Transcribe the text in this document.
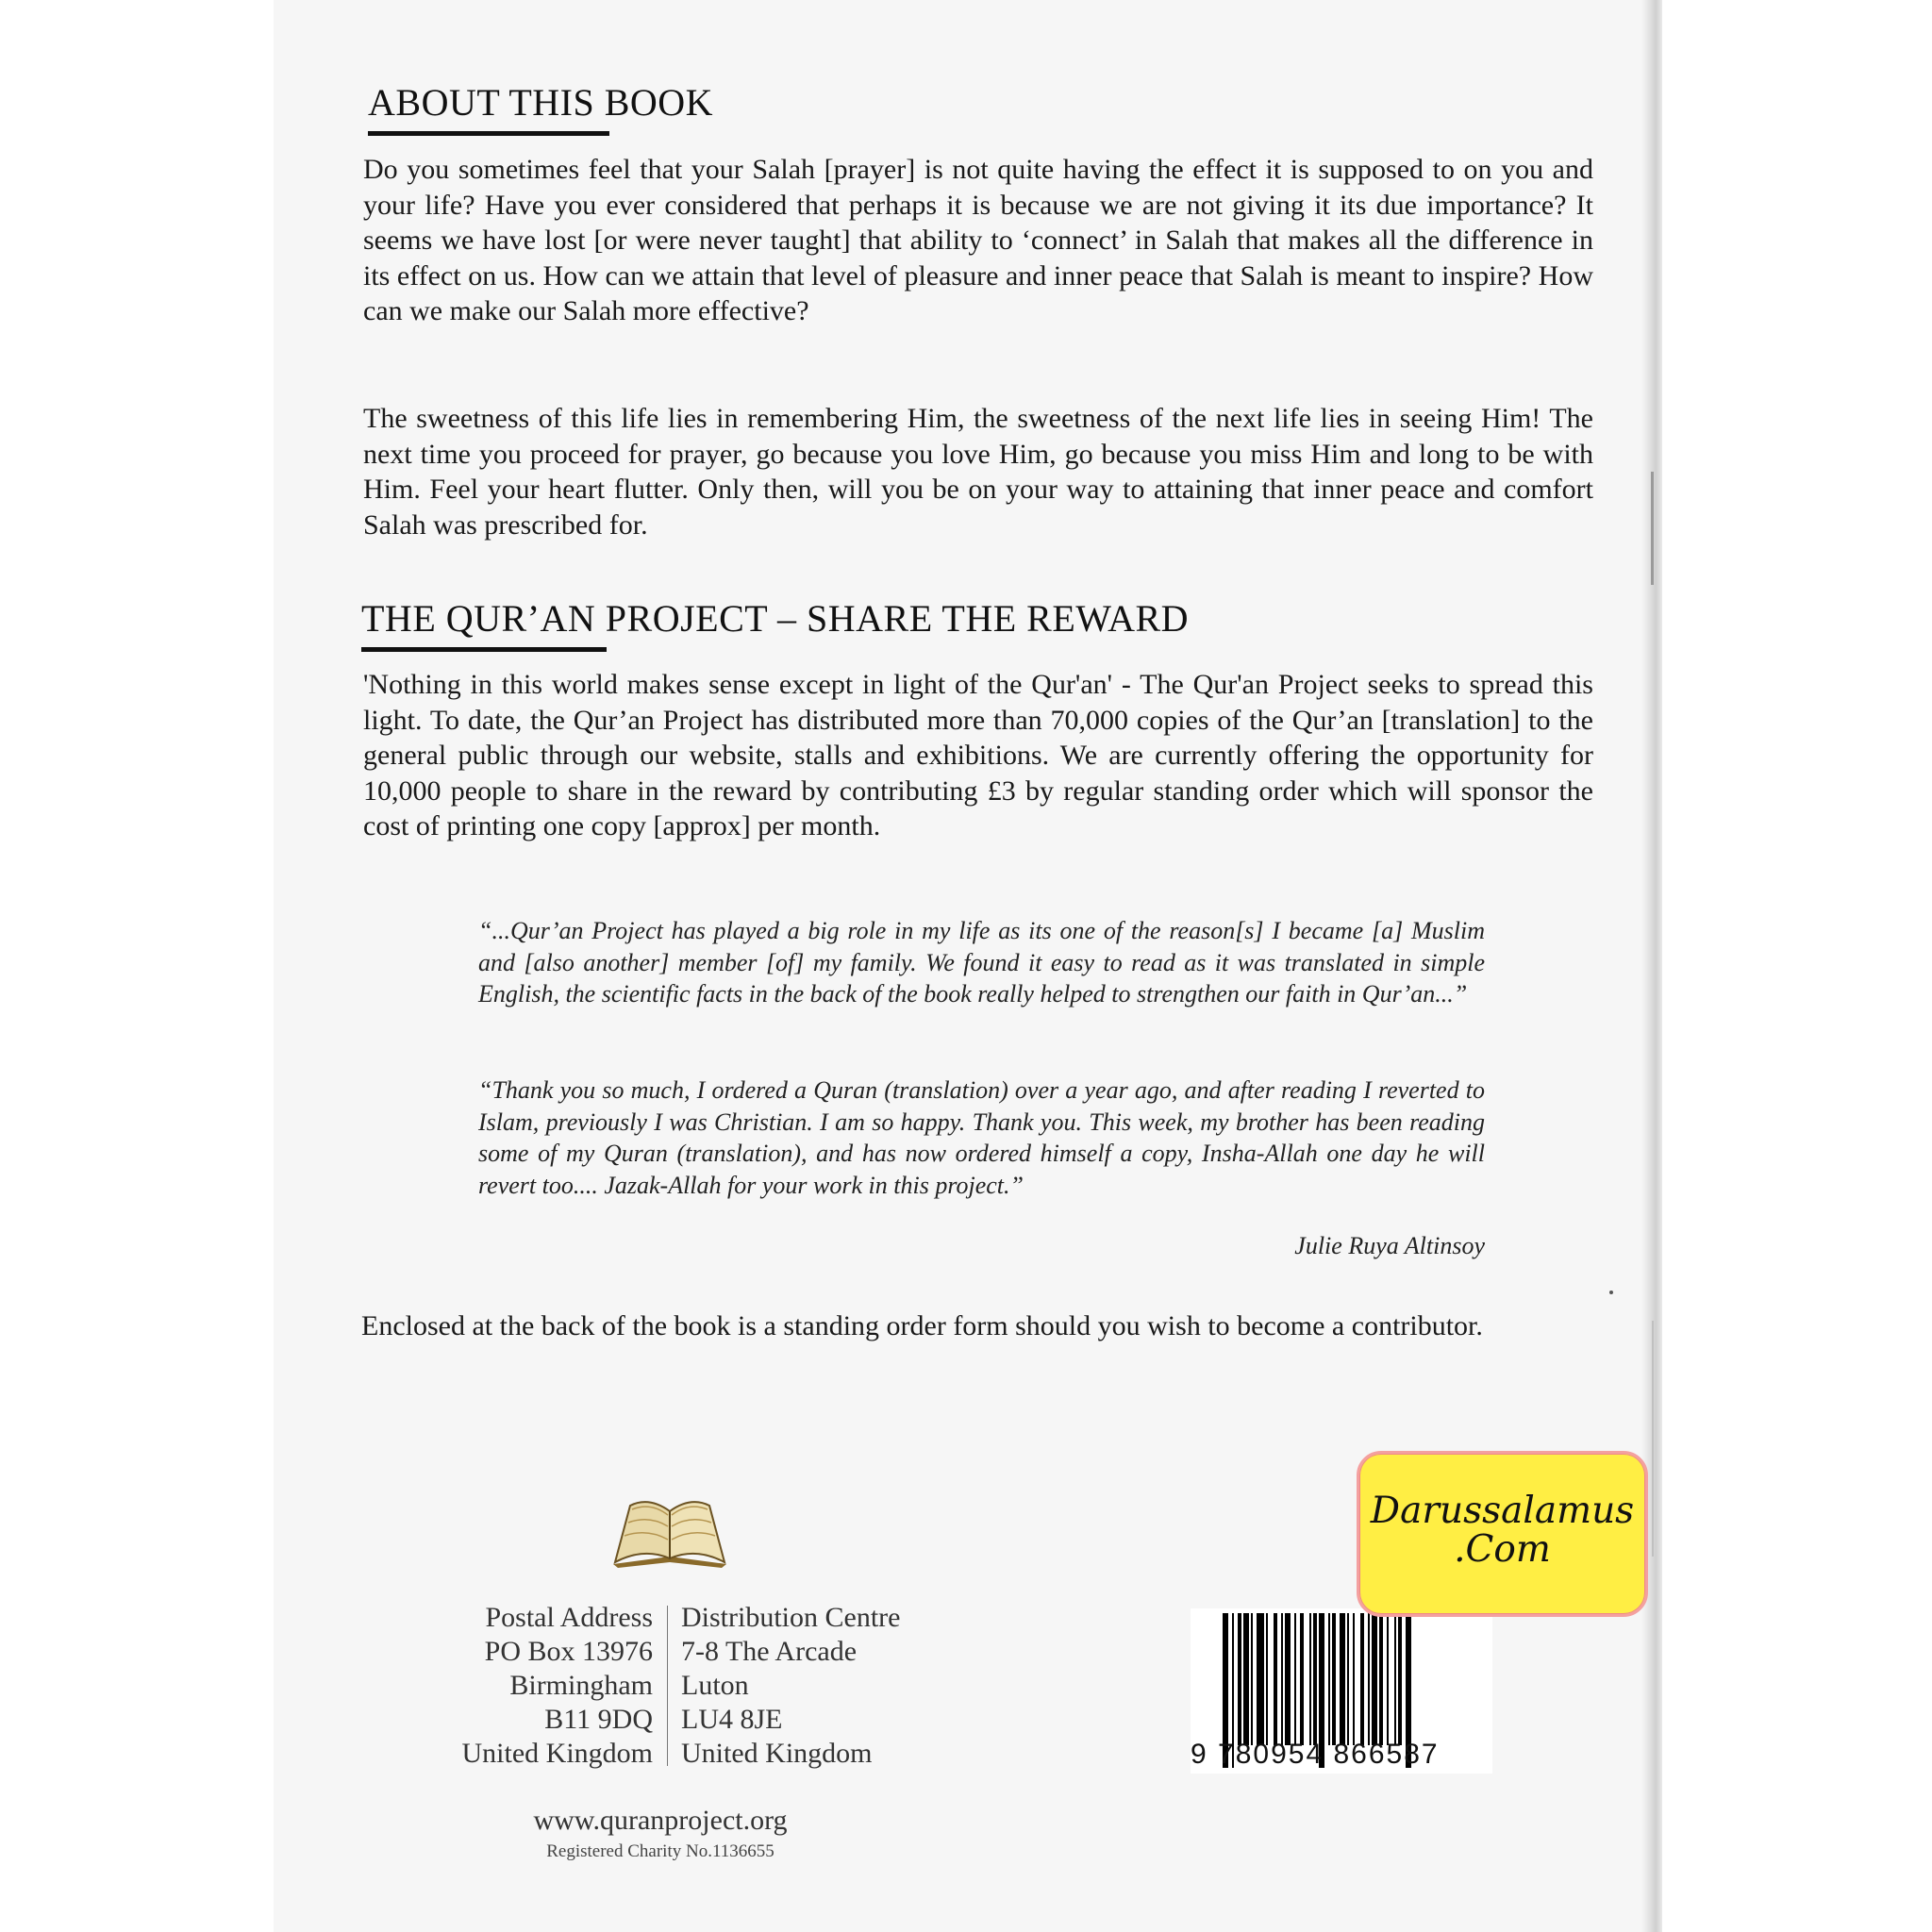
ABOUT THIS BOOK

Do you sometimes feel that your Salah [prayer] is not quite having the effect it is supposed to on you and your life? Have you ever considered that perhaps it is because we are not giving it its due importance? It seems we have lost [or were never taught] that ability to ‘connect’ in Salah that makes all the difference in its effect on us. How can we attain that level of pleasure and inner peace that Salah is meant to inspire? How can we make our Salah more effective?

The sweetness of this life lies in remembering Him, the sweetness of the next life lies in seeing Him! The next time you proceed for prayer, go because you love Him, go because you miss Him and long to be with Him. Feel your heart flutter. Only then, will you be on your way to attaining that inner peace and comfort Salah was prescribed for.

THE QUR’AN PROJECT – SHARE THE REWARD

'Nothing in this world makes sense except in light of the Qur'an' - The Qur'an Project seeks to spread this light. To date, the Qur’an Project has distributed more than 70,000 copies of the Qur’an [translation] to the general public through our website, stalls and exhibitions. We are currently offering the opportunity for 10,000 people to share in the reward by contributing £3 by regular standing order which will sponsor the cost of printing one copy [approx] per month.

“...Qur’an Project has played a big role in my life as its one of the reason[s] I became [a] Muslim and [also another] member [of] my family. We found it easy to read as it was translated in simple English, the scientific facts in the back of the book really helped to strengthen our faith in Qur’an...”

“Thank you so much, I ordered a Quran (translation) over a year ago, and after reading I reverted to Islam, previously I was Christian. I am so happy. Thank you. This week, my brother has been reading some of my Quran (translation), and has now ordered himself a copy, Insha-Allah one day he will revert too.... Jazak-Allah for your work in this project.”

Julie Ruya Altinsoy

Enclosed at the back of the book is a standing order form should you wish to become a contributor.

Postal Address
PO Box 13976
Birmingham
B11 9DQ
United Kingdom
Distribution Centre
7-8 The Arcade
Luton
LU4 8JE
United Kingdom
www.quranproject.org
Registered Charity No.1136655
9 780954 866587
Darussalamus
.Com
